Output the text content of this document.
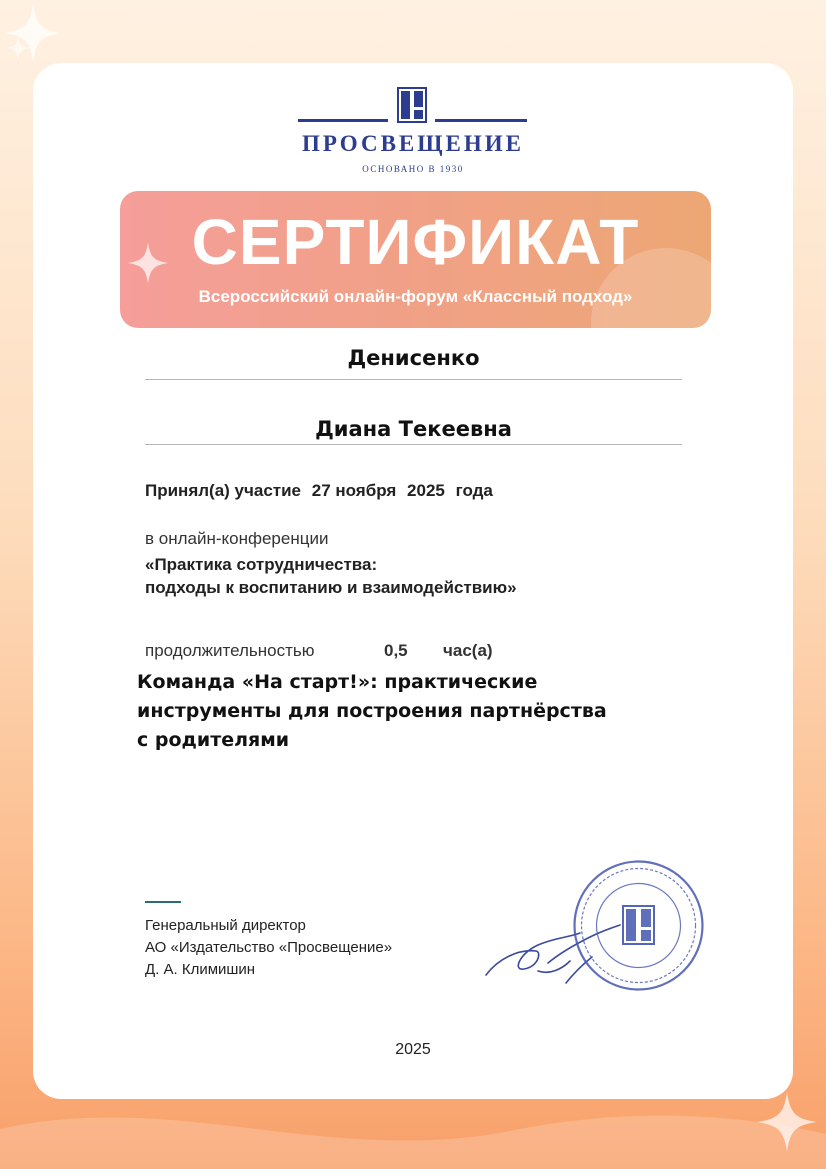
ПРОСВЕЩЕНИЕ
ОСНОВАНО В 1930
СЕРТИФИКАТ
Всероссийский онлайн-форум «Классный подход»
Денисенко
Диана Текеевна
Принял(а) участие 27 ноября 2025 года
в онлайн-конференции
«Практика сотрудничества:
подходы к воспитанию и взаимодействию»
продолжительностью	0,5 час(а)
Команда «На старт!»: практические
инструменты для построения партнёрства
с родителями
Генеральный директор
АО «Издательство «Просвещение»
Д. А. Климишин
2025
